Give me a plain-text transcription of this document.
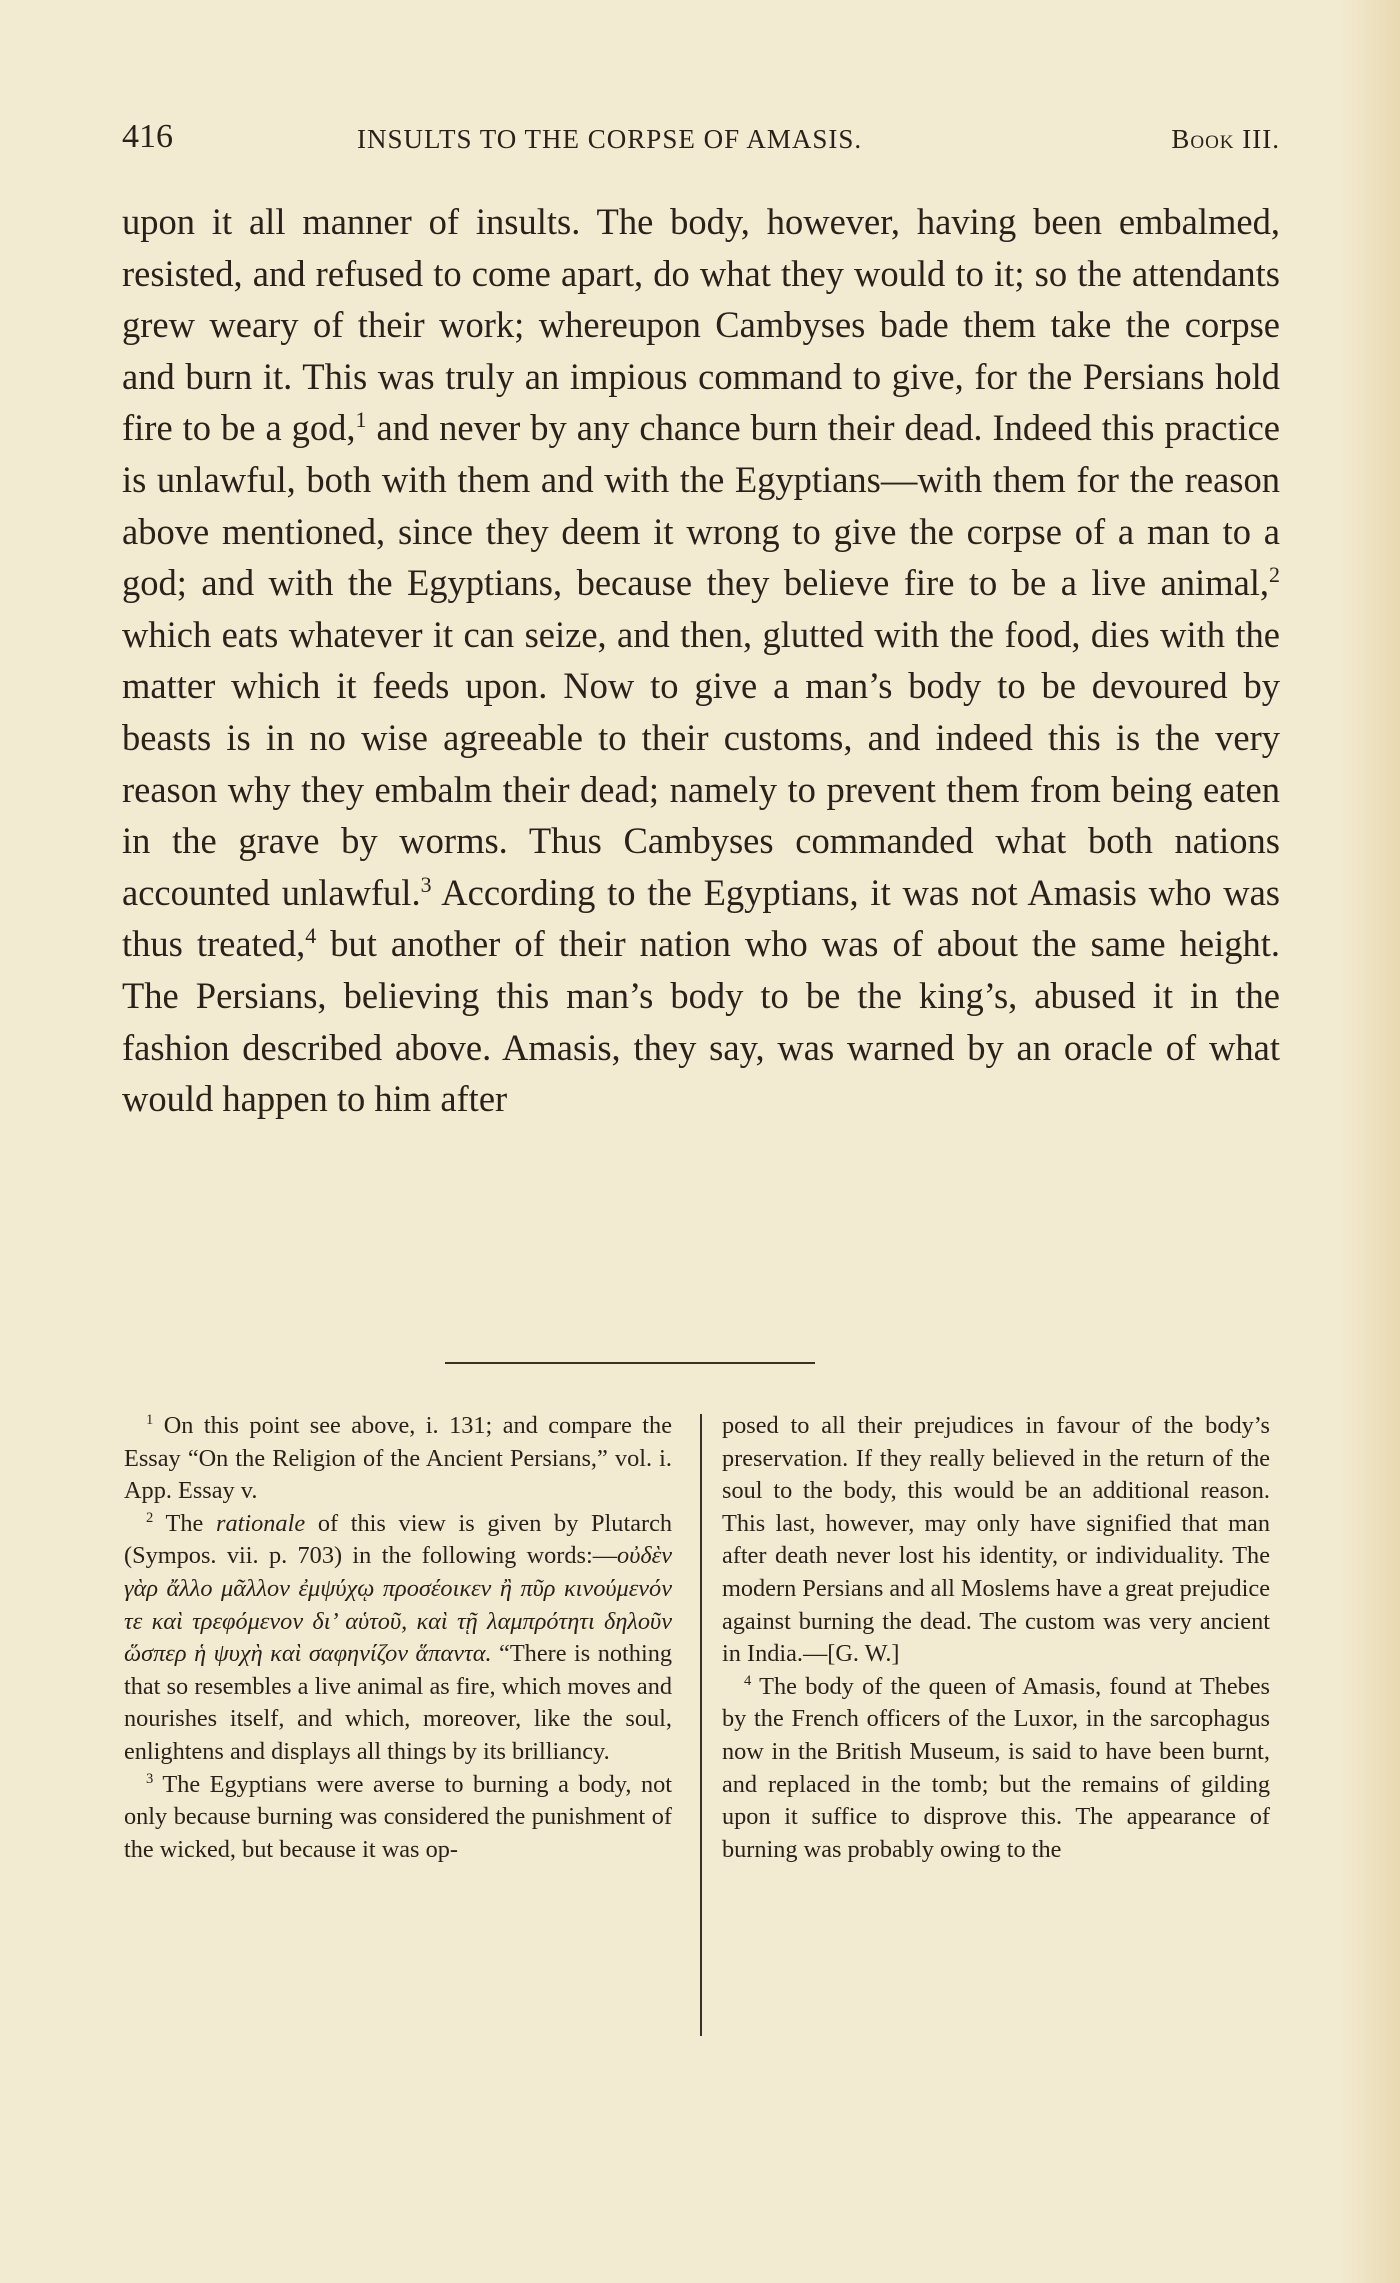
416	INSULTS TO THE CORPSE OF AMASIS.	Book III.

upon it all manner of insults. The body, however, having been embalmed, resisted, and refused to come apart, do what they would to it; so the attendants grew weary of their work; whereupon Cambyses bade them take the corpse and burn it. This was truly an impious command to give, for the Persians hold fire to be a god,$^1$ and never by any chance burn their dead. Indeed this practice is unlawful, both with them and with the Egyptians—with them for the reason above mentioned, since they deem it wrong to give the corpse of a man to a god; and with the Egyptians, because they believe fire to be a live animal,$^2$ which eats whatever it can seize, and then, glutted with the food, dies with the matter which it feeds upon. Now to give a man’s body to be devoured by beasts is in no wise agreeable to their customs, and indeed this is the very reason why they embalm their dead; namely to prevent them from being eaten in the grave by worms. Thus Cambyses commanded what both nations accounted unlawful.$^3$ According to the Egyptians, it was not Amasis who was thus treated,$^4$ but another of their nation who was of about the same height. The Persians, believing this man’s body to be the king’s, abused it in the fashion described above. Amasis, they say, was warned by an oracle of what would happen to him after

$^1$ On this point see above, i. 131; and compare the Essay “On the Religion of the Ancient Persians,” vol. i. App. Essay v.

$^2$ The rationale of this view is given by Plutarch (Sympos. vii. p. 703) in the following words:—οὐδὲν γὰρ ἄλλο μᾶλλον ἐμψύχῳ προσέοικεν ἢ πῦρ κινούμενόν τε καὶ τρεφόμενον δι’ αὑτοῦ, καὶ τῇ λαμπρότητι δηλοῦν ὥσπερ ἡ ψυχὴ καὶ σαφηνίζον ἅπαντα. “There is nothing that so resembles a live animal as fire, which moves and nourishes itself, and which, moreover, like the soul, enlightens and displays all things by its brilliancy.

$^3$ The Egyptians were averse to burning a body, not only because burning was considered the punishment of the wicked, but because it was op-

posed to all their prejudices in favour of the body’s preservation. If they really believed in the return of the soul to the body, this would be an additional reason. This last, however, may only have signified that man after death never lost his identity, or individuality. The modern Persians and all Moslems have a great prejudice against burning the dead. The custom was very ancient in India.—[G. W.]

$^4$ The body of the queen of Amasis, found at Thebes by the French officers of the Luxor, in the sarcophagus now in the British Museum, is said to have been burnt, and replaced in the tomb; but the remains of gilding upon it suffice to disprove this. The appearance of burning was probably owing to the
